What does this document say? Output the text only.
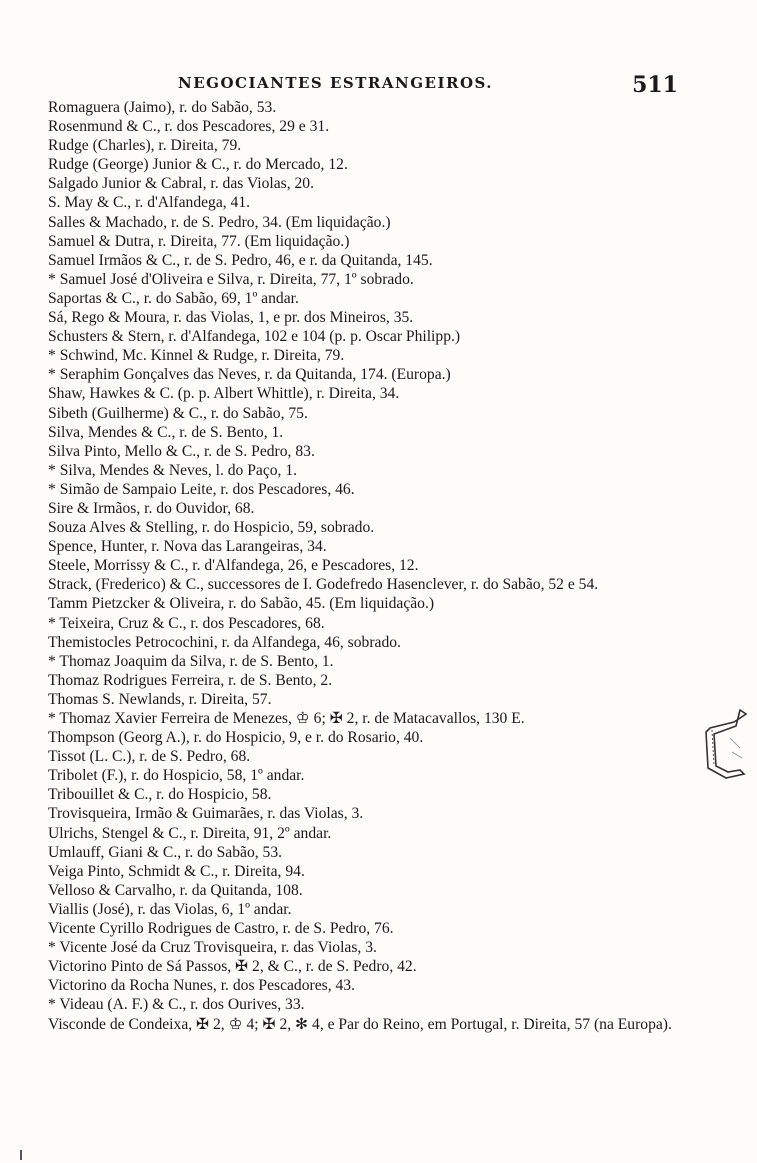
NEGOCIANTES ESTRANGEIROS.	511
Romaguera (Jaimo), r. do Sabão, 53.
Rosenmund & C., r. dos Pescadores, 29 e 31.
Rudge (Charles), r. Direita, 79.
Rudge (George) Junior & C., r. do Mercado, 12.
Salgado Junior & Cabral, r. das Violas, 20.
S. May & C., r. d'Alfandega, 41.
Salles & Machado, r. de S. Pedro, 34. (Em liquidação.)
Samuel & Dutra, r. Direita, 77. (Em liquidação.)
Samuel Irmãos & C., r. de S. Pedro, 46, e r. da Quitanda, 145.
* Samuel José d'Oliveira e Silva, r. Direita, 77, 1º sobrado.
Saportas & C., r. do Sabão, 69, 1º andar.
Sá, Rego & Moura, r. das Violas, 1, e pr. dos Mineiros, 35.
Schusters & Stern, r. d'Alfandega, 102 e 104 (p. p. Oscar Philipp.)
* Schwind, Mc. Kinnel & Rudge, r. Direita, 79.
* Seraphim Gonçalves das Neves, r. da Quitanda, 174. (Europa.)
Shaw, Hawkes & C. (p. p. Albert Whittle), r. Direita, 34.
Sibeth (Guilherme) & C., r. do Sabão, 75.
Silva, Mendes & C., r. de S. Bento, 1.
Silva Pinto, Mello & C., r. de S. Pedro, 83.
* Silva, Mendes & Neves, l. do Paço, 1.
* Simão de Sampaio Leite, r. dos Pescadores, 46.
Sire & Irmãos, r. do Ouvidor, 68.
Souza Alves & Stelling, r. do Hospicio, 59, sobrado.
Spence, Hunter, r. Nova das Larangeiras, 34.
Steele, Morrissy & C., r. d'Alfandega, 26, e Pescadores, 12.
Strack, (Frederico) & C., successores de I. Godefredo Hasenclever, r. do Sabão, 52 e 54.
Tamm Pietzcker & Oliveira, r. do Sabão, 45. (Em liquidação.)
* Teixeira, Cruz & C., r. dos Pescadores, 68.
Themistocles Petrocochini, r. da Alfandega, 46, sobrado.
* Thomaz Joaquim da Silva, r. de S. Bento, 1.
Thomaz Rodrigues Ferreira, r. de S. Bento, 2.
Thomas S. Newlands, r. Direita, 57.
* Thomaz Xavier Ferreira de Menezes, ♔ 6; ✠ 2, r. de Matacavallos, 130 E.
Thompson (Georg A.), r. do Hospicio, 9, e r. do Rosario, 40.
Tissot (L. C.), r. de S. Pedro, 68.
Tribolet (F.), r. do Hospicio, 58, 1º andar.
Tribouillet & C., r. do Hospicio, 58.
Trovisqueira, Irmão & Guimarães, r. das Violas, 3.
Ulrichs, Stengel & C., r. Direita, 91, 2º andar.
Umlauff, Giani & C., r. do Sabão, 53.
Veiga Pinto, Schmidt & C., r. Direita, 94.
Velloso & Carvalho, r. da Quitanda, 108.
Viallis (José), r. das Violas, 6, 1º andar.
Vicente Cyrillo Rodrigues de Castro, r. de S. Pedro, 76.
* Vicente José da Cruz Trovisqueira, r. das Violas, 3.
Victorino Pinto de Sá Passos, ✠ 2, & C., r. de S. Pedro, 42.
Victorino da Rocha Nunes, r. dos Pescadores, 43.
* Videau (A. F.) & C., r. dos Ourives, 33.
Visconde de Condeixa, ✠ 2, ♔ 4; ✠ 2, ✻ 4, e Par do Reino, em Portugal, r. Direita, 57 (na Europa).
